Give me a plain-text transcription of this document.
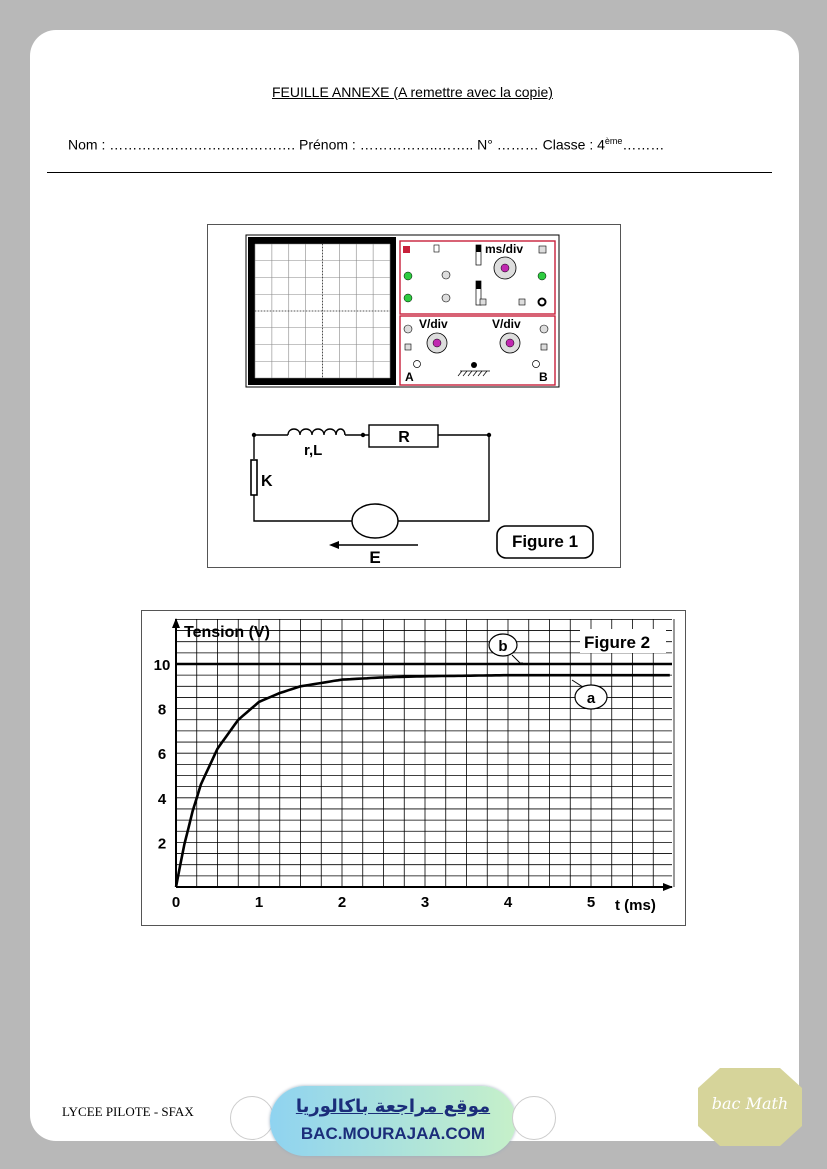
FEUILLE ANNEXE (A remettre avec la copie)
Nom : …………………………………. Prénom : ……………..…….. N° ……… Classe : 4ème………
ms/div
V/div	V/div
A	B
R
r,L
K
E
Figure 1
0	1	2	3	4	5
2
4
6
8
10
Tension (V)
t (ms)
Figure 2
b
a
LYCEE PILOTE - SFAX	موقع مراجعة باكالوريا
BAC.MOURAJAA.COM
bac Math
